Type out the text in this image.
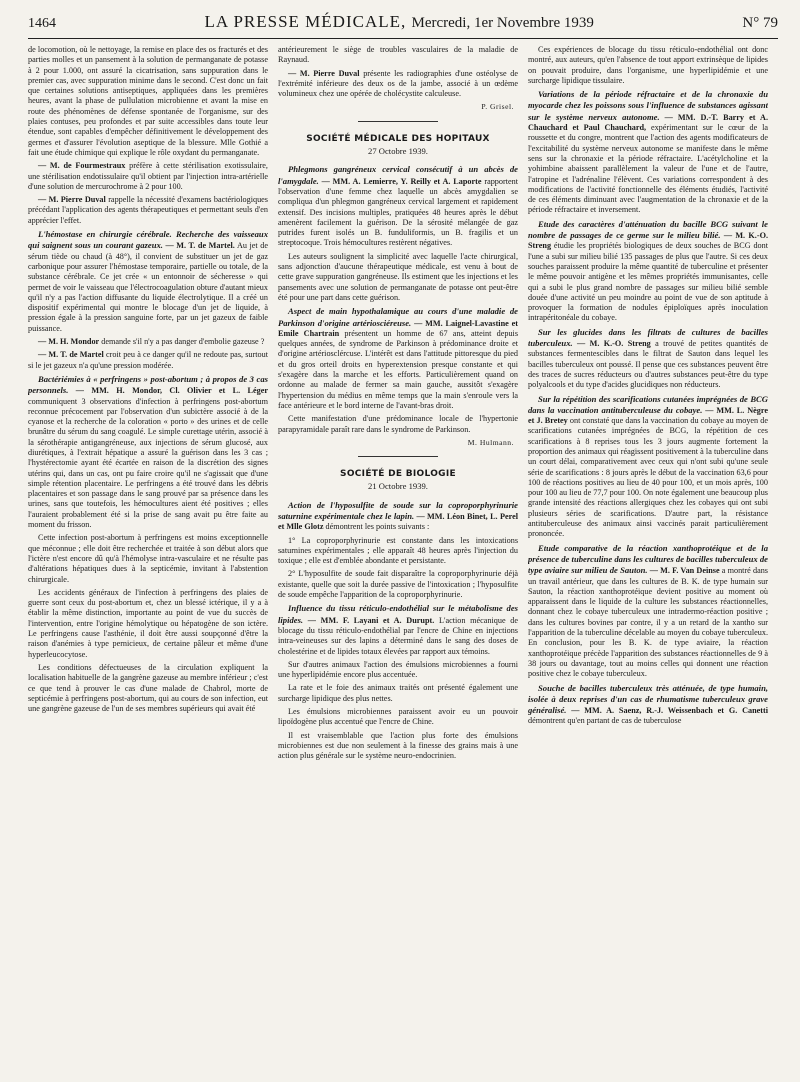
1464	LA PRESSE MÉDICALE, Mercredi, 1er Novembre 1939	N° 79

de locomotion, où le nettoyage, la remise en place des os fracturés et des parties molles et un pansement à la solution de permanganate de potasse à 2 pour 1.000, ont assuré la cicatrisation, sans suppuration dans le premier cas, avec suppuration minime dans le second. C'est donc un fait que certaines solutions antiseptiques, appliquées dans les premières heures, avant la phase de pullulation microbienne et avant la mise en route des phénomènes de défense spontanée de l'organisme, sur des plaies contuses, peu profondes et par suite accessibles dans toute leur étendue, sont capables d'empêcher définitivement le développement des germes et d'assurer l'évolution aseptique de la blessure. Mlle Gothié a fait une étude chimique qui explique le rôle oxydant du permanganate.

— M. de Fourmestraux préfère à cette stérilisation exotissulaire, une stérilisation endotissulaire qu'il obtient par l'injection intra-artérielle d'une solution de mercurochrome à 2 pour 100.

— M. Pierre Duval rappelle la nécessité d'examens bactériologiques précédant l'application des agents thérapeutiques et permettant seuls d'en apprécier l'effet.

L'hémostase en chirurgie cérébrale. Recherche des vaisseaux qui saignent sous un courant gazeux. — M. T. de Martel. Au jet de sérum tiède ou chaud (à 48°), il convient de substituer un jet de gaz carbonique pour assurer l'hémostase temporaire, partielle ou totale, de la substance cérébrale. Ce jet crée « un entonnoir de sécheresse » qui permet de voir le vaisseau que l'électrocoagulation obture d'autant mieux qu'il n'y a pas l'action diffusante du liquide électrolytique. Il a créé un dispositif expérimental qui montre le blocage d'un jet de liquide, à pression égale à la pression sanguine forte, par un jet gazeux de faible puissance.

— M. H. Mondor demande s'il n'y a pas danger d'embolie gazeuse ?

— M. T. de Martel croit peu à ce danger qu'il ne redoute pas, surtout si le jet gazeux n'a qu'une pression modérée.

Bactériémies à « perfringens » post-abortum ; à propos de 3 cas personnels. — MM. H. Mondor, Cl. Olivier et L. Léger communiquent 3 observations d'infection à perfringens post-abortum reconnue précocement par l'observation d'un subictère associé à de la cyanose et la recherche de la coloration « porto » des urines et de celle brunâtre du sérum du sang coagulé. Le simple curettage utérin, associé à la sérothérapie antigangréneuse, aux injections de sérum glucosé, aux diurétiques, à l'extrait hépatique a assuré la guérison dans les 3 cas ; l'hystérectomie ayant été écartée en raison de la discrétion des signes utérins qui, dans un cas, ont pu faire croire qu'il ne s'agissait que d'une simple rétention placentaire. Le perfringens a été trouvé dans les débris placentaires et son passage dans le sang prouvé par sa présence dans les urines, sans que toutefois, les hémocultures aient été positives ; elles l'auraient probablement été si la prise de sang avait pu être faite au moment du frisson.

Cette infection post-abortum à perfringens est moins exceptionnelle que méconnue ; elle doit être recherchée et traitée à son début alors que l'ictère n'est encore dû qu'à l'hémolyse intra-vasculaire et ne résulte pas d'altérations hépatiques dues à la septicémie, invitant à l'abstention chirurgicale.

Les accidents généraux de l'infection à perfringens des plaies de guerre sont ceux du post-abortum et, chez un blessé ictérique, il y a à établir la même distinction, importante au point de vue du succès de l'intervention, entre l'origine hémolytique ou hépatogène de son ictère. Le perfringens cause l'asthénie, il doit être aussi soupçonné d'être la raison d'anémies à type pernicieux, de certaine pâleur et même d'une hyperleucocytose.

Les conditions défectueuses de la circulation expliquent la localisation habituelle de la gangrène gazeuse au membre inférieur ; c'est ce que tend à prouver le cas d'une malade de Chabrol, morte de septicémie à perfringens post-abortum, qui au cours de son infection, eut une gangrène gazeuse de l'un de ses membres supérieurs qui avait été

antérieurement le siège de troubles vasculaires de la maladie de Raynaud.

— M. Pierre Duval présente les radiographies d'une ostéolyse de l'extrémité inférieure des deux os de la jambe, associé à un œdème volumineux chez une opérée de cholécystite calculeuse.

P. Grisel.
SOCIÉTÉ MÉDICALE DES HOPITAUX
27 Octobre 1939.

Phlegmons gangréneux cervical consécutif à un abcès de l'amygdale. — MM. A. Lemierre, Y. Reilly et A. Laporte rapportent l'observation d'une femme chez laquelle un abcès amygdalien se compliqua d'un phlegmon gangréneux cervical largement et rapidement extensif. Des incisions multiples, pratiquées 48 heures après le début amenèrent facilement la guérison. De la sérosité mélangée de gaz putrides furent isolés un B. funduliformis, un B. fragilis et un streptocoque. Trois hémocultures restèrent négatives.

Les auteurs soulignent la simplicité avec laquelle l'acte chirurgical, sans adjonction d'aucune thérapeutique médicale, est venu à bout de cette grave suppuration gangréneuse. Ils estiment que les injections et les pansements avec une solution de permanganate de potasse ont peut-être été pour une part dans cette guérison.

Aspect de main hypothalamique au cours d'une maladie de Parkinson d'origine artériosciéreuse. — MM. Laignel-Lavastine et Emile Chartrain présentent un homme de 67 ans, atteint depuis quelques années, de syndrome de Parkinson à prédominance droite et d'origine artériosclércuse. L'intérêt est dans l'attitude pittoresque du pied et du gros orteil droits en hyperextension presque constante et qui s'exagère dans la marche et les efforts. Particulièrement quand on ordonne au malade de fermer sa main gauche, aussitôt s'exagère l'hypertension du médius en même temps que la main s'enroule vers la face antérieure et le bord interne de l'avant-bras droit.

Cette manifestation d'une prédominance locale de l'hypertonie parapyramidale paraît rare dans le syndrome de Parkinson.

M. Hulmann.
SOCIÉTÉ DE BIOLOGIE
21 Octobre 1939.

Action de l'hyposulfite de soude sur la coproporphyrinurie saturnine expérimentale chez le lapin. — MM. Léon Binet, L. Perel et Mlle Glotz démontrent les points suivants :

1° La coproporphyrinurie est constante dans les intoxications saturnines expérimentales ; elle apparaît 48 heures après l'injection du toxique ; elle est d'emblée abondante et persistante.

2° L'hyposulfite de soude fait disparaître la coproporphyrinurie déjà existante, quelle que soit la durée passive de l'intoxication ; l'hyposulfite de soude empêche l'apparition de la coproporphyrinurie.

Influence du tissu réticulo-endothélial sur le métabolisme des lipides. — MM. F. Layani et A. Durupt. L'action mécanique de blocage du tissu réticulo-endothélial par l'encre de Chine en injections intra-veineuses sur des lapins a déterminé dans le sang des doses de cholestérine et de lipides totaux élevées par rapport aux témoins.

Sur d'autres animaux l'action des émulsions microbiennes a fourni une hyperlipidémie encore plus accentuée.

La rate et le foie des animaux traités ont présenté également une surcharge lipidique des plus nettes.

Les émulsions microbiennes paraissent avoir eu un pouvoir lipoïdogène plus accentué que l'encre de Chine.

Il est vraisemblable que l'action plus forte des émulsions microbiennes est due non seulement à la finesse des grains mais à une action plus générale sur le système neuro-endocrinien.

Ces expériences de blocage du tissu réticulo-endothélial ont donc montré, aux auteurs, qu'en l'absence de tout apport extrinsèque de lipides on pouvait produire, dans l'organisme, une hyperlipidémie et une surcharge lipidique tissulaire.

Variations de la période réfractaire et de la chronaxie du myocarde chez les poissons sous l'influence de substances agissant sur le système nerveux autonome. — MM. D.-T. Barry et A. Chauchard et Paul Chauchard, expérimentant sur le cœur de la roussette et du congre, montrent que l'action des agents modificateurs de l'excitabilité du système nerveux autonome se manifeste dans le même sens sur la chronaxie et la période réfractaire. L'acétylcholine et la yohimbine abaissent parallèlement la valeur de l'une et de l'autre, l'atropine et l'adrénaline l'élèvent. Ces variations correspondent à des modifications de l'activité fonctionnelle des éléments étudiés, l'activité de ces éléments diminuant avec l'augmentation de la chronaxie et de la période réfractaire et inversement.

Etude des caractères d'atténuation du bacille BCG suivant le nombre de passages de ce germe sur le milieu bilié. — M. K.-O. Streng étudie les propriétés biologiques de deux souches de BCG dont l'une a subi sur milieu bilié 135 passages de plus que l'autre. Si ces deux souches paraissent produire la même quantité de tuberculine et présenter le même pouvoir antigène et les mêmes propriétés immunisantes, celle qui a subi le plus grand nombre de passages sur milieu bilié semble douée d'une activité un peu moindre au point de vue de son aptitude à provoquer la formation de nodules épiploïques après inoculation intrapéritonéale du cobaye.

Sur les glucides dans les filtrats de cultures de bacilles tuberculeux. — M. K.-O. Streng a trouvé de petites quantités de substances fermentescibles dans le filtrat de Sauton dans lequel les bacilles tuberculeux ont poussé. Il pense que ces substances peuvent être des traces de sucres réducteurs ou d'autres substances peut-être du type polyalcools et du type d'acides glucidiques non réducteurs.

Sur la répétition des scarifications cutanées imprégnées de BCG dans la vaccination antituberculeuse du cobaye. — MM. L. Nègre et J. Bretey ont constaté que dans la vaccination du cobaye au moyen de scarifications cutanées imprégnées de BCG, la répétition de ces scarifications à 8 reprises tous les 3 jours augmente fortement la proportion des animaux qui réagissent positivement à la tuberculine dans un court délai, comparativement avec ceux qui n'ont subi qu'une seule série de scarifications : 8 jours après le début de la vaccination 63,6 pour 100 de réactions positives au lieu de 40 pour 100, et un mois après, 100 pour 100 au lieu de 77,7 pour 100. On note également une beaucoup plus grande intensité des réactions allergiques chez les cobayes qui ont subi plusieurs séries de scarifications. D'autre part, la résistance antituberculeuse des animaux ainsi vaccinés parait particulièrement prononcée.

Etude comparative de la réaction xanthoprotéique et de la présence de tuberculine dans les cultures de bacilles tuberculeux de type aviaire sur milieu de Sauton. — M. F. Van Deinse a montré dans un travail antérieur, que dans les cultures de B. K. de type humain sur Sauton, la réaction xanthoprotéique devient positive au moment où apparaissent dans le liquide de la culture les substances réactionnelles, donnant chez le cobaye tuberculeux une intradermo-réaction positive ; dans les cultures bovines par contre, il y a un retard de la xantho sur l'apparition de la tuberculine décelable au moyen du cobaye tuberculeux. En conclusion, pour les B. K. de type aviaire, la réaction xanthoprotéique précède l'apparition des substances réactionnelles de 9 à 38 jours ou davantage, tout au moins celles qui donnent une réaction positive chez le cobaye tuberculeux.

Souche de bacilles tuberculeux très atténuée, de type humain, isolée à deux reprises d'un cas de rhumatisme tuberculeux grave généralisé. — MM. A. Saenz, R.-J. Weissenbach et G. Canetti démontrent qu'en partant de cas de tuberculose
